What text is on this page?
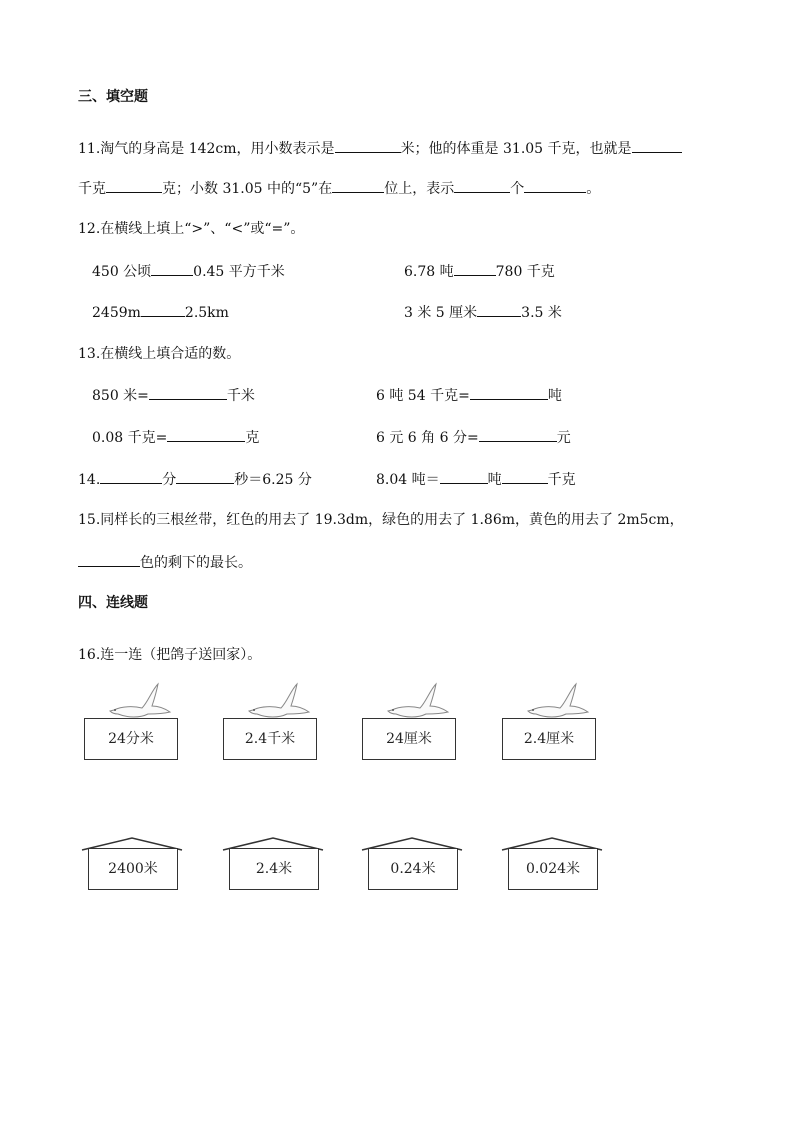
三、填空题
11.淘气的身高是 142cm，用小数表示是	米；他的体重是 31.05 千克，也就是
千克	克；小数 31.05 中的“5”在	位上，表示	个	。
12.在横线上填上“>”、“<”或“=”。
450 公顷	0.45 平方千米	6.78 吨	780 千克
2459m	2.5km	3 米 5 厘米	3.5 米
13.在横线上填合适的数。
850 米=	千米	6 吨 54 千克=	吨
0.08 千克=	克	6 元 6 角 6 分=	元
14.	分	秒＝6.25 分	8.04 吨＝	吨	千克
15.同样长的三根丝带，红色的用去了 19.3dm，绿色的用去了 1.86m，黄色的用去了 2m5cm，
色的剩下的最长。
四、连线题
16.连一连（把鸽子送回家）。
24分米	2.4千米	24厘米	2.4厘米
2400米	2.4米	0.24米	0.024米
